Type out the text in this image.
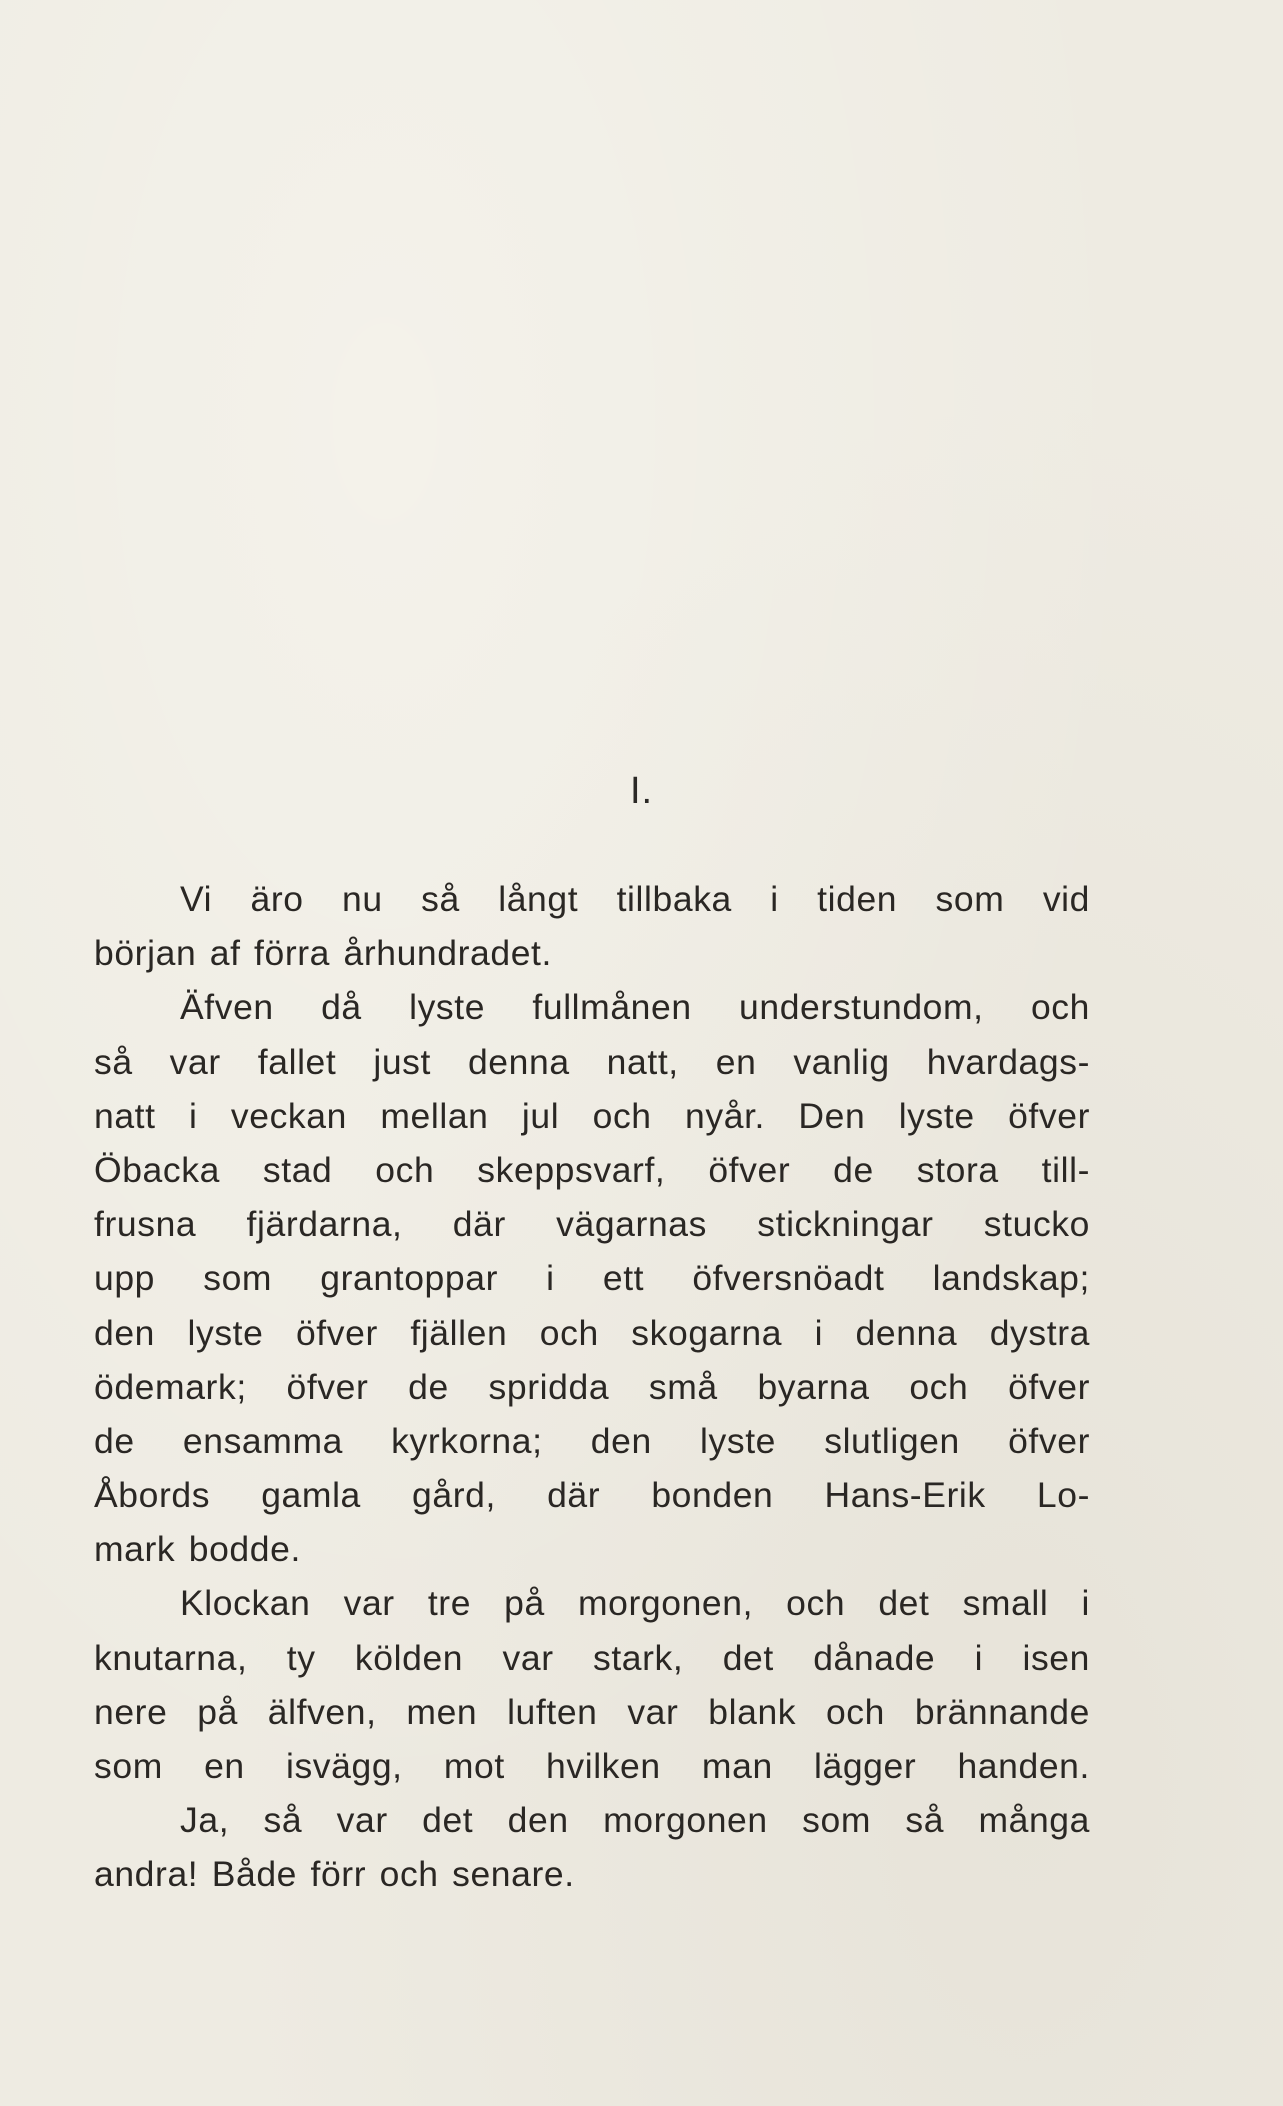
I.
Vi äro nu så långt tillbaka i tiden som vid
början af förra århundradet.
Äfven då lyste fullmånen understundom, och
så var fallet just denna natt, en vanlig hvardags-
natt i veckan mellan jul och nyår. Den lyste öfver
Öbacka stad och skeppsvarf, öfver de stora till-
frusna fjärdarna, där vägarnas stickningar stucko
upp som grantoppar i ett öfversnöadt landskap;
den lyste öfver fjällen och skogarna i denna dystra
ödemark; öfver de spridda små byarna och öfver
de ensamma kyrkorna; den lyste slutligen öfver
Åbords gamla gård, där bonden Hans-Erik Lo-
mark bodde.
Klockan var tre på morgonen, och det small i
knutarna, ty kölden var stark, det dånade i isen
nere på älfven, men luften var blank och brännande
som en isvägg, mot hvilken man lägger handen.
Ja, så var det den morgonen som så många
andra! Både förr och senare.
